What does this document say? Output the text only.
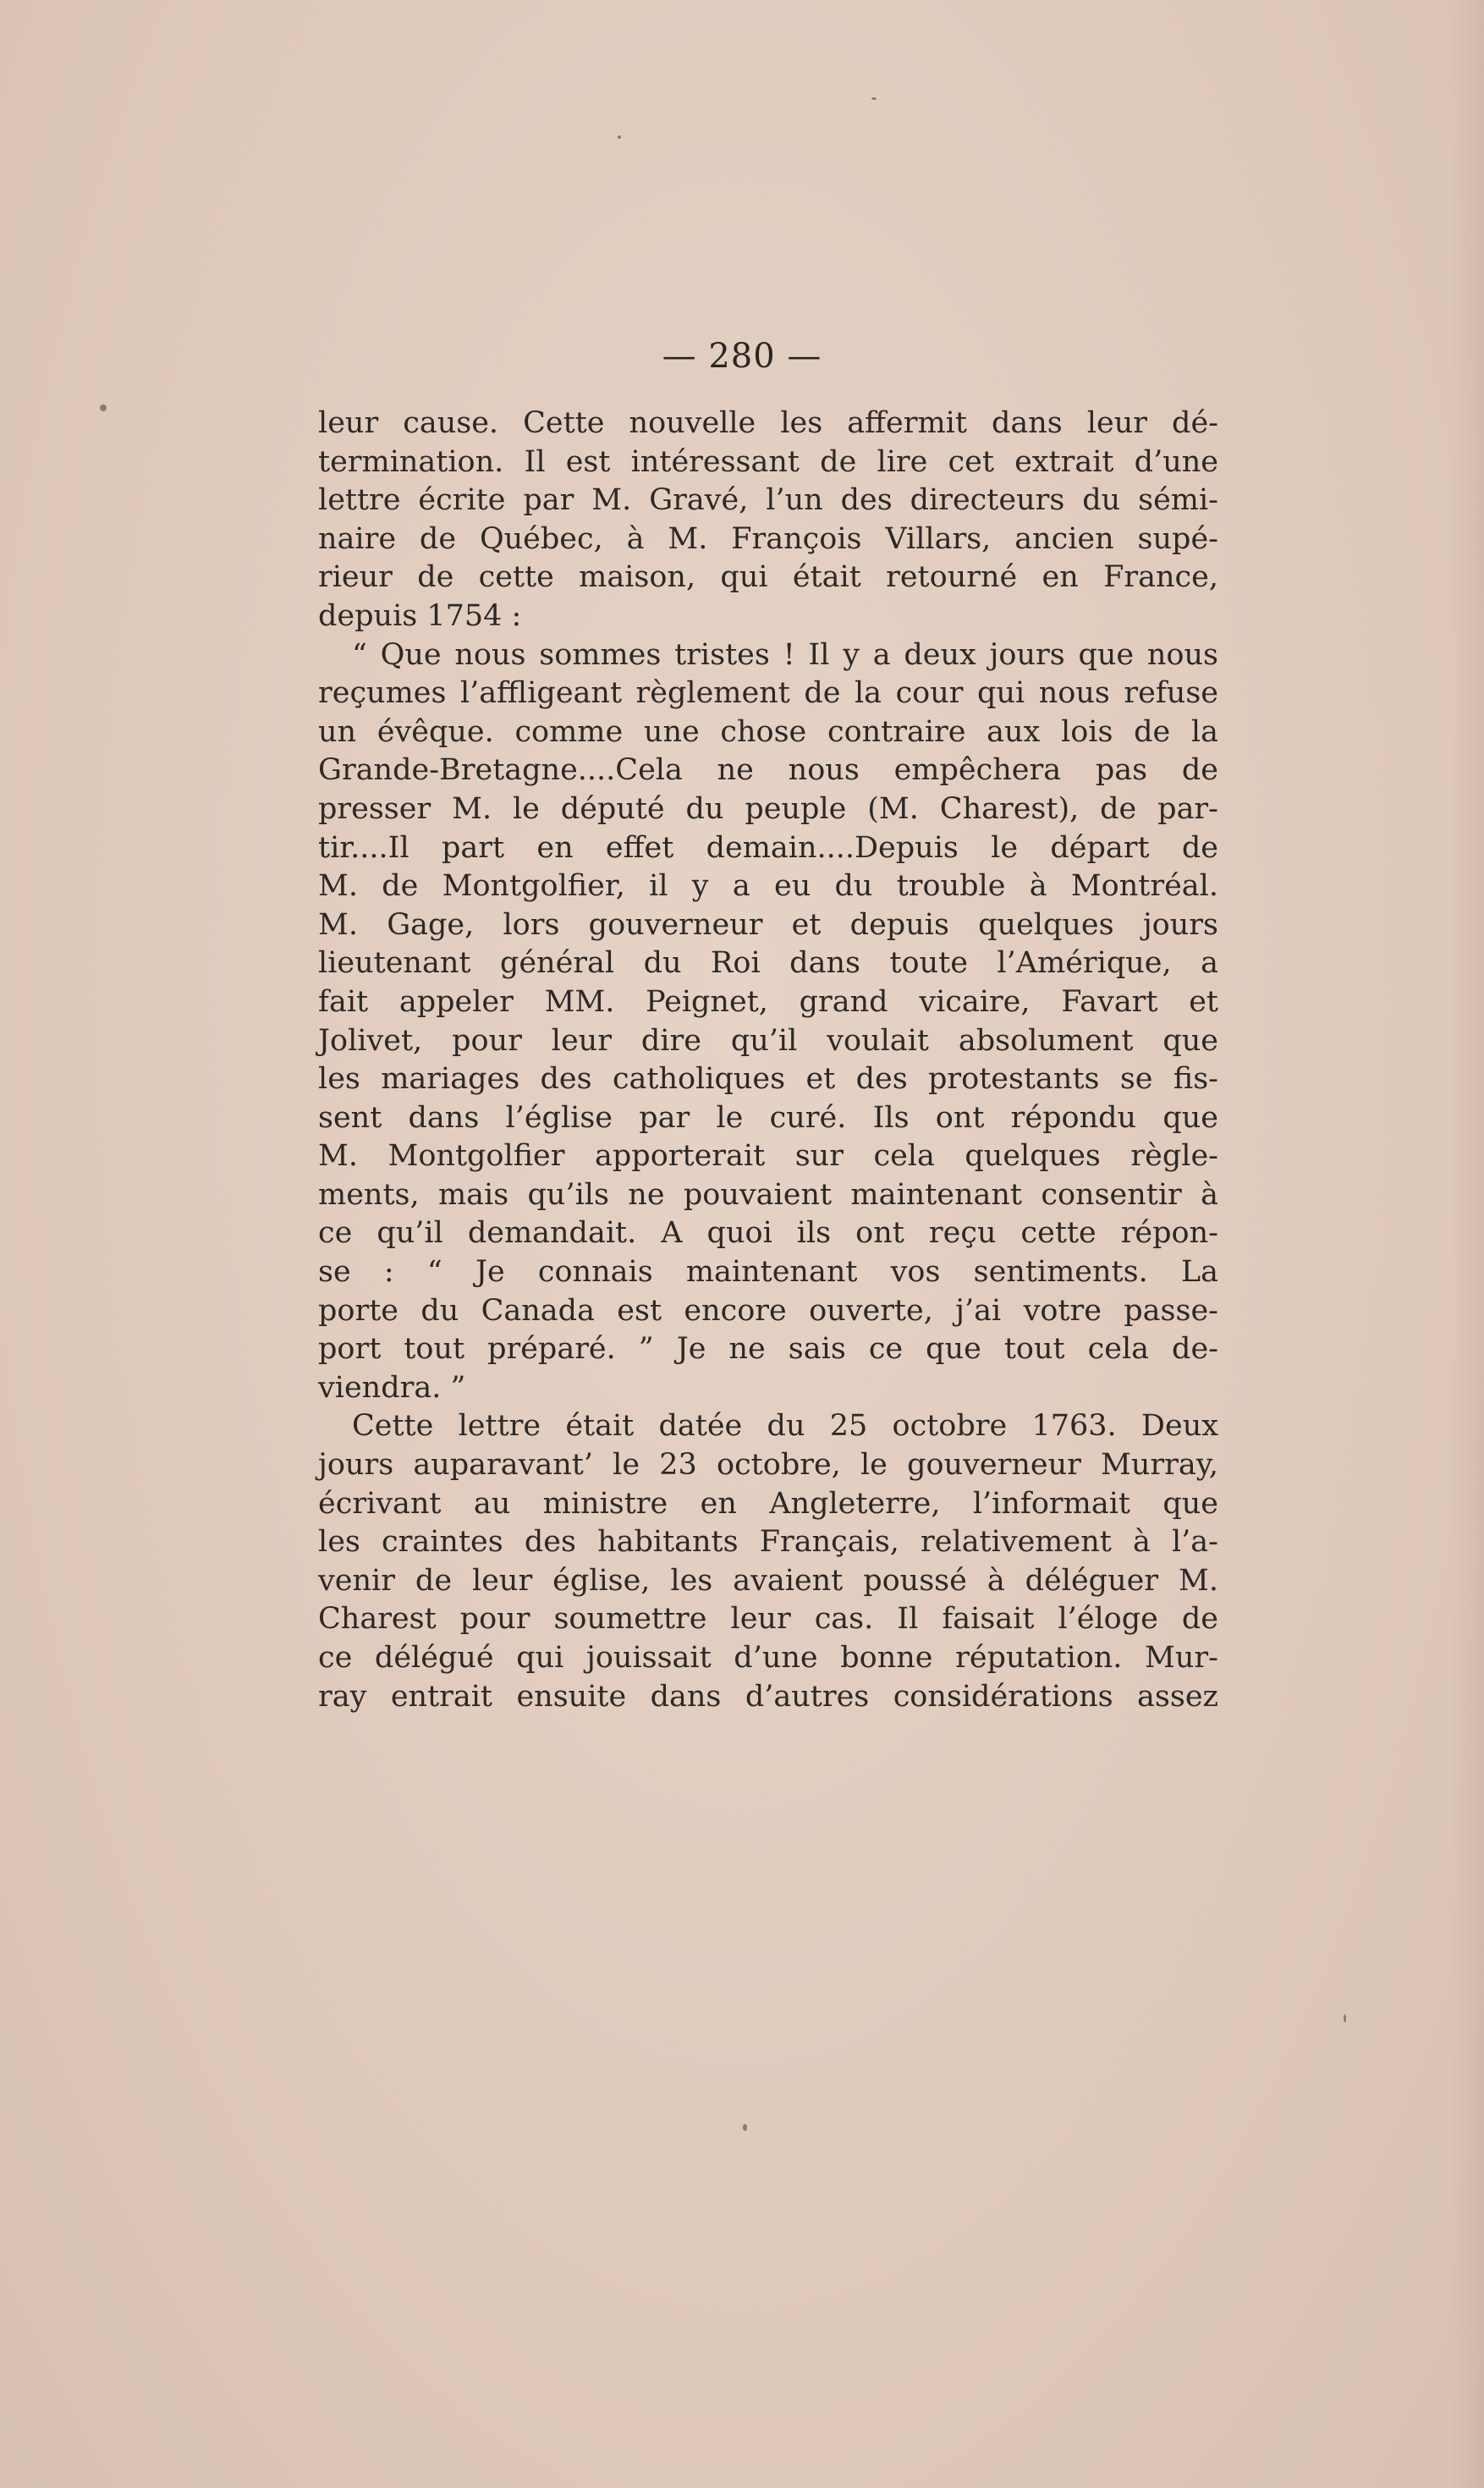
— 280 —
leur cause. Cette nouvelle les affermit dans leur dé-
termination. Il est intéressant de lire cet extrait d’une
lettre écrite par M. Gravé, l’un des directeurs du sémi-
naire de Québec, à M. François Villars, ancien supé-
rieur de cette maison, qui était retourné en France,
depuis 1754 :
“ Que nous sommes tristes ! Il y a deux jours que nous
reçumes l’affligeant règlement de la cour qui nous refuse
un évêque. comme une chose contraire aux lois de la
Grande-Bretagne....Cela ne nous empêchera pas de
presser M. le député du peuple (M. Charest), de par-
tir....Il part en effet demain....Depuis le départ de
M. de Montgolfier, il y a eu du trouble à Montréal.
M. Gage, lors gouverneur et depuis quelques jours
lieutenant général du Roi dans toute l’Amérique, a
fait appeler MM. Peignet, grand vicaire, Favart et
Jolivet, pour leur dire qu’il voulait absolument que
les mariages des catholiques et des protestants se fis-
sent dans l’église par le curé. Ils ont répondu que
M. Montgolfier apporterait sur cela quelques règle-
ments, mais qu’ils ne pouvaient maintenant consentir à
ce qu’il demandait. A quoi ils ont reçu cette répon-
se : “ Je connais maintenant vos sentiments. La
porte du Canada est encore ouverte, j’ai votre passe-
port tout préparé. ” Je ne sais ce que tout cela de-
viendra. ”
Cette lettre était datée du 25 octobre 1763. Deux
jours auparavant’ le 23 octobre, le gouverneur Murray,
écrivant au ministre en Angleterre, l’informait que
les craintes des habitants Français, relativement à l’a-
venir de leur église, les avaient poussé à déléguer M.
Charest pour soumettre leur cas. Il faisait l’éloge de
ce délégué qui jouissait d’une bonne réputation. Mur-
ray entrait ensuite dans d’autres considérations assez
